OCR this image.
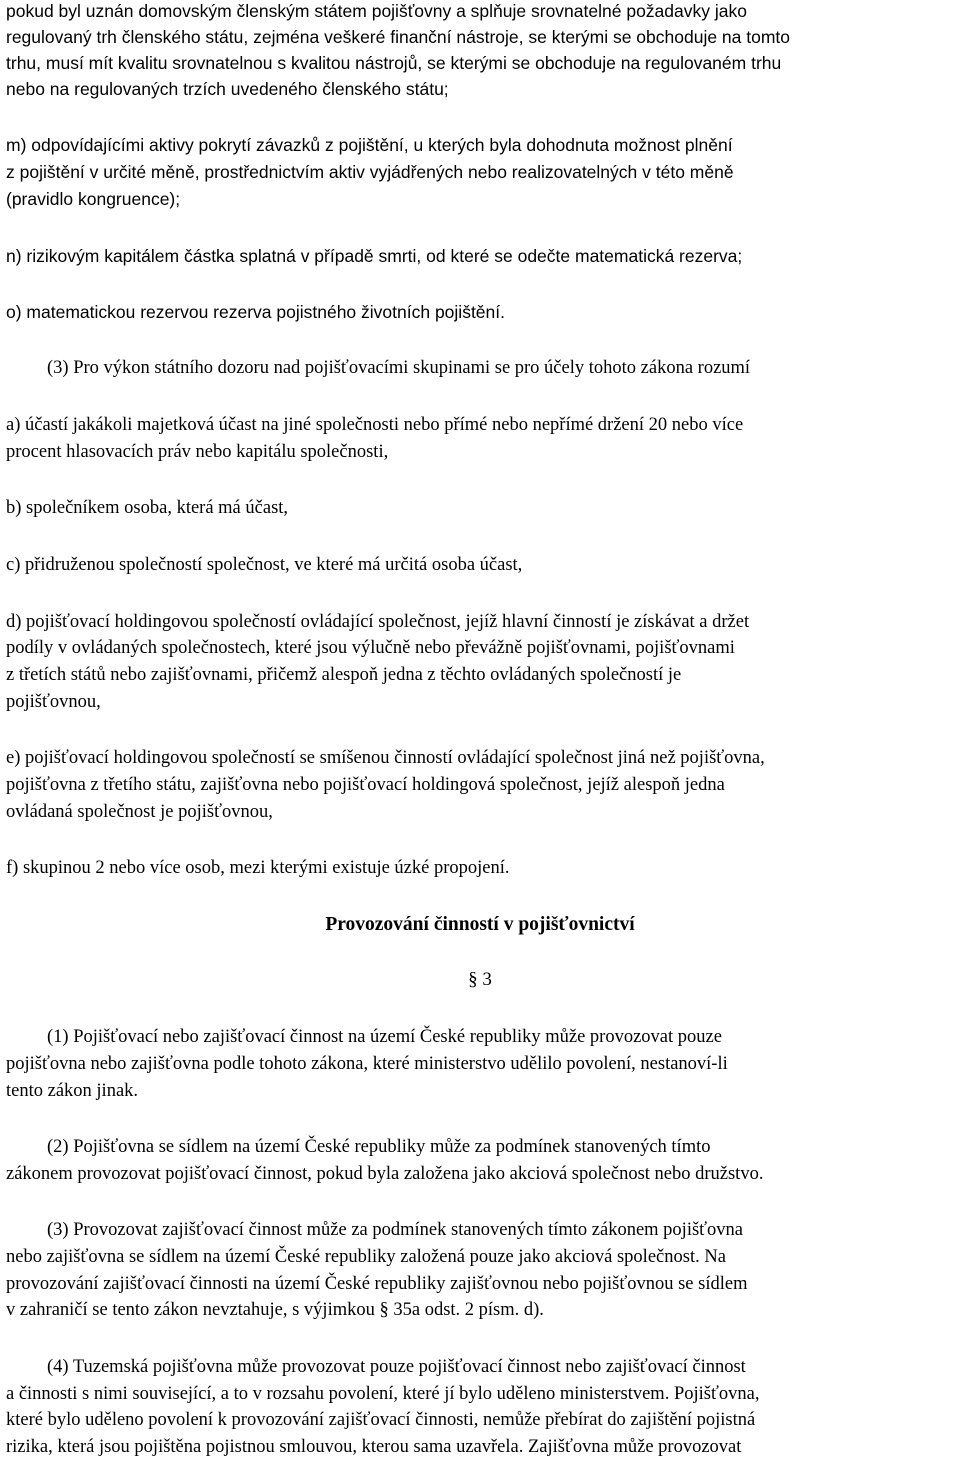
pokud byl uznán domovským členským státem pojišťovny a splňuje srovnatelné požadavky jako
regulovaný trh členského státu, zejména veškeré finanční nástroje, se kterými se obchoduje na tomto
trhu, musí mít kvalitu srovnatelnou s kvalitou nástrojů, se kterými se obchoduje na regulovaném trhu
nebo na regulovaných trzích uvedeného členského státu;
m) odpovídajícími aktivy pokrytí závazků z pojištění, u kterých byla dohodnuta možnost plnění
z pojištění v určité měně, prostřednictvím aktiv vyjádřených nebo realizovatelných v této měně
(pravidlo kongruence);
n) rizikovým kapitálem částka splatná v případě smrti, od které se odečte matematická rezerva;
o) matematickou rezervou rezerva pojistného životních pojištění.
(3) Pro výkon státního dozoru nad pojišťovacími skupinami se pro účely tohoto zákona rozumí
a) účastí jakákoli majetková účast na jiné společnosti nebo přímé nebo nepřímé držení 20 nebo více
procent hlasovacích práv nebo kapitálu společnosti,
b) společníkem osoba, která má účast,
c) přidruženou společností společnost, ve které má určitá osoba účast,
d) pojišťovací holdingovou společností ovládající společnost, jejíž hlavní činností je získávat a držet
podíly v ovládaných společnostech, které jsou výlučně nebo převážně pojišťovnami, pojišťovnami
z třetích států nebo zajišťovnami, přičemž alespoň jedna z těchto ovládaných společností je
pojišťovnou,
e) pojišťovací holdingovou společností se smíšenou činností ovládající společnost jiná než pojišťovna,
pojišťovna z třetího státu, zajišťovna nebo pojišťovací holdingová společnost, jejíž alespoň jedna
ovládaná společnost je pojišťovnou,
f) skupinou 2 nebo více osob, mezi kterými existuje úzké propojení.
Provozování činností v pojišťovnictví
§ 3
(1) Pojišťovací nebo zajišťovací činnost na území České republiky může provozovat pouze
pojišťovna nebo zajišťovna podle tohoto zákona, které ministerstvo udělilo povolení, nestanoví-li
tento zákon jinak.
(2) Pojišťovna se sídlem na území České republiky může za podmínek stanovených tímto
zákonem provozovat pojišťovací činnost, pokud byla založena jako akciová společnost nebo družstvo.
(3) Provozovat zajišťovací činnost může za podmínek stanovených tímto zákonem pojišťovna
nebo zajišťovna se sídlem na území České republiky založená pouze jako akciová společnost. Na
provozování zajišťovací činnosti na území České republiky zajišťovnou nebo pojišťovnou se sídlem
v zahraničí se tento zákon nevztahuje, s výjimkou § 35a odst. 2 písm. d).
(4) Tuzemská pojišťovna může provozovat pouze pojišťovací činnost nebo zajišťovací činnost
a činnosti s nimi související, a to v rozsahu povolení, které jí bylo uděleno ministerstvem. Pojišťovna,
které bylo uděleno povolení k provozování zajišťovací činnosti, nemůže přebírat do zajištění pojistná
rizika, která jsou pojištěna pojistnou smlouvou, kterou sama uzavřela. Zajišťovna může provozovat
